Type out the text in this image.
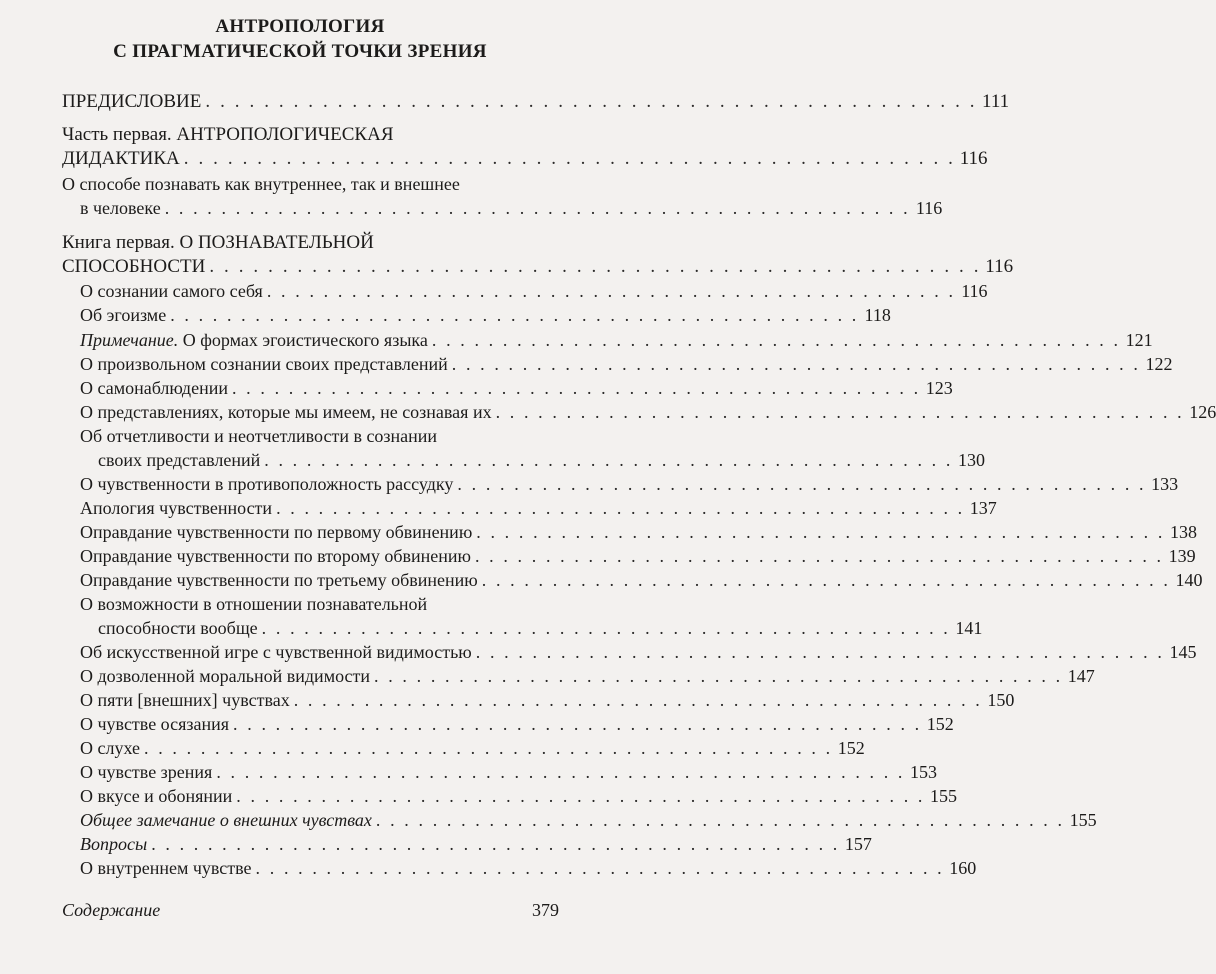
АНТРОПОЛОГИЯ
С ПРАГМАТИЧЕСКОЙ ТОЧКИ ЗРЕНИЯ
ПРЕДИСЛОВИЕ . . . . . . . . . . . . . . . . . . . . . . . . . . . . . . . . . . . . . . . . . . . . . . . . . . . . . 111
Часть первая. АНТРОПОЛОГИЧЕСКАЯ
ДИДАКТИКА . . . . . . . . . . . . . . . . . . . . . . . . . . . . . . . . . . . . . . . . . . . . . . . . . . . . . 116
О способе познавать как внутреннее, так и внешнее
в человеке . . . . . . . . . . . . . . . . . . . . . . . . . . . . . . . . . . . . . . . . . . . . . . . . . . . . . 116
Книга первая. О ПОЗНАВАТЕЛЬНОЙ
СПОСОБНОСТИ . . . . . . . . . . . . . . . . . . . . . . . . . . . . . . . . . . . . . . . . . . . . . . . . . . . . . 116
О сознании самого себя . . . . . . . . . . . . . . . . . . . . . . . . . . . . . . . . . . . . . . . . . . . . . . . . . 116
Об эгоизме . . . . . . . . . . . . . . . . . . . . . . . . . . . . . . . . . . . . . . . . . . . . . . . . . 118
Примечание. О формах эгоистического языка . . . . . . . . . . . . . . . . . . . . . . . . . . . . . . . . . . . . . . . . . . . . . . . . . 121
О произвольном сознании своих представлений . . . . . . . . . . . . . . . . . . . . . . . . . . . . . . . . . . . . . . . . . . . . . . . . . 122
О самонаблюдении . . . . . . . . . . . . . . . . . . . . . . . . . . . . . . . . . . . . . . . . . . . . . . . . . 123
О представлениях, которые мы имеем, не сознавая их . . . . . . . . . . . . . . . . . . . . . . . . . . . . . . . . . . . . . . . . . . . . . . . . . 126
Об отчетливости и неотчетливости в сознании
своих представлений . . . . . . . . . . . . . . . . . . . . . . . . . . . . . . . . . . . . . . . . . . . . . . . . . 130
О чувственности в противоположность рассудку . . . . . . . . . . . . . . . . . . . . . . . . . . . . . . . . . . . . . . . . . . . . . . . . . 133
Апология чувственности . . . . . . . . . . . . . . . . . . . . . . . . . . . . . . . . . . . . . . . . . . . . . . . . . 137
Оправдание чувственности по первому обвинению . . . . . . . . . . . . . . . . . . . . . . . . . . . . . . . . . . . . . . . . . . . . . . . . . 138
Оправдание чувственности по второму обвинению . . . . . . . . . . . . . . . . . . . . . . . . . . . . . . . . . . . . . . . . . . . . . . . . . 139
Оправдание чувственности по третьему обвинению . . . . . . . . . . . . . . . . . . . . . . . . . . . . . . . . . . . . . . . . . . . . . . . . . 140
О возможности в отношении познавательной
способности вообще . . . . . . . . . . . . . . . . . . . . . . . . . . . . . . . . . . . . . . . . . . . . . . . . . 141
Об искусственной игре с чувственной видимостью . . . . . . . . . . . . . . . . . . . . . . . . . . . . . . . . . . . . . . . . . . . . . . . . . 145
О дозволенной моральной видимости . . . . . . . . . . . . . . . . . . . . . . . . . . . . . . . . . . . . . . . . . . . . . . . . . 147
О пяти [внешних] чувствах . . . . . . . . . . . . . . . . . . . . . . . . . . . . . . . . . . . . . . . . . . . . . . . . . 150
О чувстве осязания . . . . . . . . . . . . . . . . . . . . . . . . . . . . . . . . . . . . . . . . . . . . . . . . . 152
О слухе . . . . . . . . . . . . . . . . . . . . . . . . . . . . . . . . . . . . . . . . . . . . . . . . . 152
О чувстве зрения . . . . . . . . . . . . . . . . . . . . . . . . . . . . . . . . . . . . . . . . . . . . . . . . . 153
О вкусе и обонянии . . . . . . . . . . . . . . . . . . . . . . . . . . . . . . . . . . . . . . . . . . . . . . . . . 155
Общее замечание о внешних чувствах . . . . . . . . . . . . . . . . . . . . . . . . . . . . . . . . . . . . . . . . . . . . . . . . . 155
Вопросы . . . . . . . . . . . . . . . . . . . . . . . . . . . . . . . . . . . . . . . . . . . . . . . . . 157
О внутреннем чувстве . . . . . . . . . . . . . . . . . . . . . . . . . . . . . . . . . . . . . . . . . . . . . . . . . 160
Содержание	379
